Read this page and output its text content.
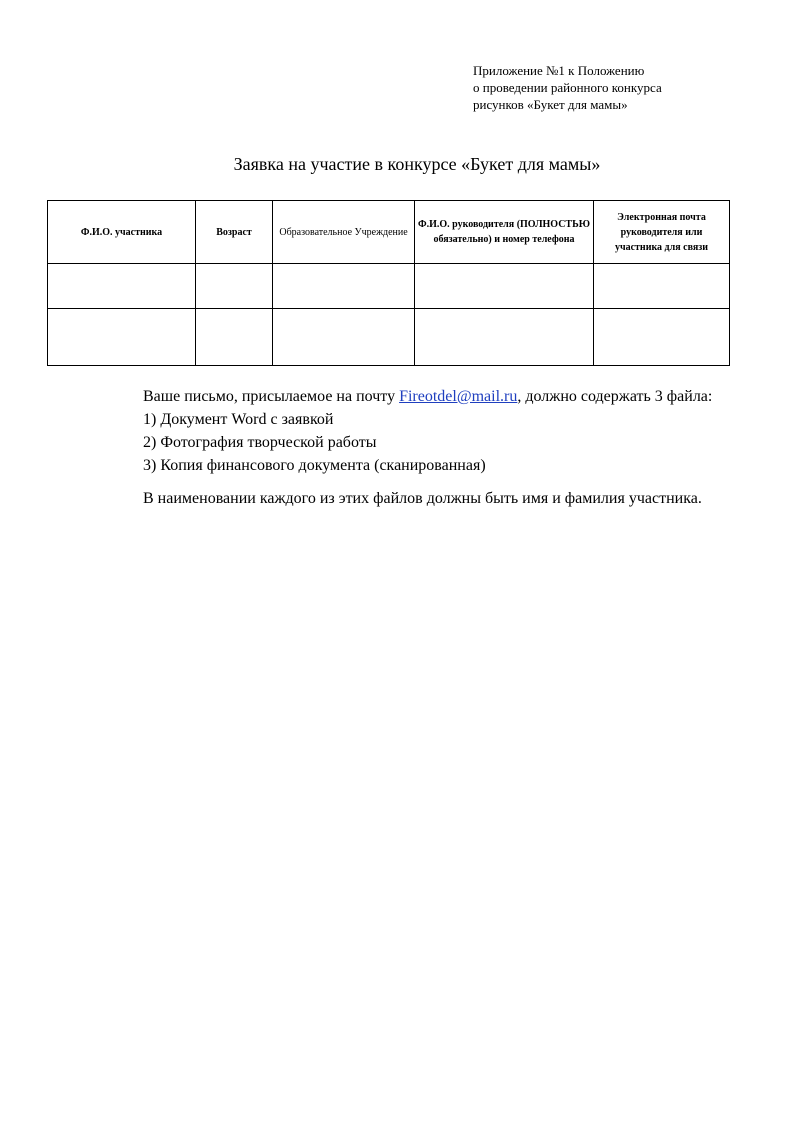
Приложение №1 к Положению
о проведении районного конкурса
рисунков «Букет для мамы»
Заявка на участие в конкурсе «Букет для мамы»
Ф.И.О. участника	Возраст	Образовательное Учреждение	Ф.И.О. руководителя (ПОЛНОСТЬЮ обязательно) и номер телефона	Электронная почта руководителя или участника для связи

Ваше письмо, присылаемое на почту Fireotdel@mail.ru, должно содержать 3 файла:

1) Документ Word с заявкой
2) Фотография творческой работы
3) Копия финансового документа (сканированная)

В наименовании каждого из этих файлов должны быть имя и фамилия участника.
